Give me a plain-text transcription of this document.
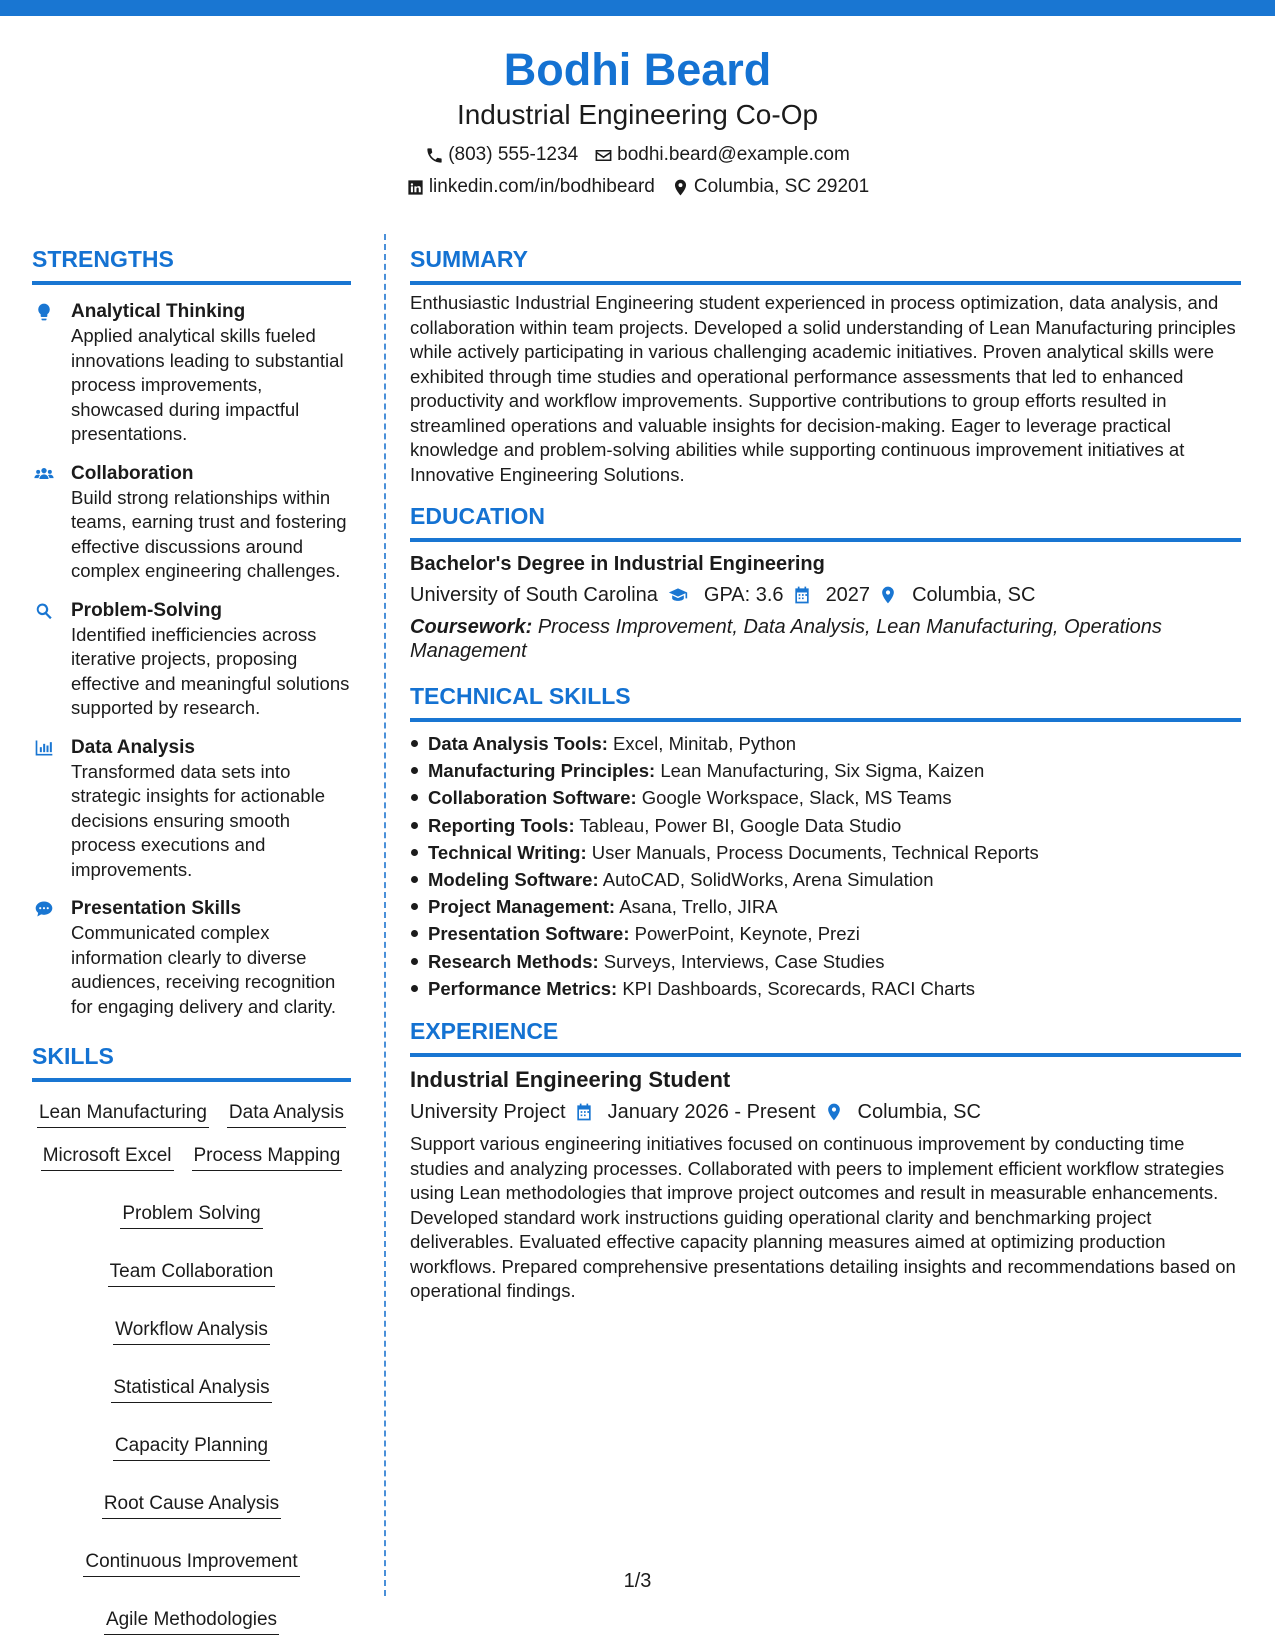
Bodhi Beard
Industrial Engineering Co-Op
(803) 555-1234 bodhi.beard@example.com
linkedin.com/in/bodhibeard Columbia, SC 29201
STRENGTHS
Analytical Thinking
Applied analytical skills fueled innovations leading to substantial process improvements, showcased during impactful presentations.
Collaboration
Build strong relationships within teams, earning trust and fostering effective discussions around complex engineering challenges.
Problem-Solving
Identified inefficiencies across iterative projects, proposing effective and meaningful solutions supported by research.
Data Analysis
Transformed data sets into strategic insights for actionable decisions ensuring smooth process executions and improvements.
Presentation Skills
Communicated complex information clearly to diverse audiences, receiving recognition for engaging delivery and clarity.
SKILLS
Lean Manufacturing Data Analysis
Microsoft Excel Process Mapping
Problem Solving
Team Collaboration
Workflow Analysis
Statistical Analysis
Capacity Planning
Root Cause Analysis
Continuous Improvement
Agile Methodologies
SUMMARY

Enthusiastic Industrial Engineering student experienced in process optimization, data analysis, and collaboration within team projects. Developed a solid understanding of Lean Manufacturing principles while actively participating in various challenging academic initiatives. Proven analytical skills were exhibited through time studies and operational performance assessments that led to enhanced productivity and workflow improvements. Supportive contributions to group efforts resulted in streamlined operations and valuable insights for decision-making. Eager to leverage practical knowledge and problem-solving abilities while supporting continuous improvement initiatives at Innovative Engineering Solutions.

EDUCATION
Bachelor's Degree in Industrial Engineering
University of South Carolina GPA: 3.6 2027 Columbia, SC
Coursework: Process Improvement, Data Analysis, Lean Manufacturing, Operations Management
TECHNICAL SKILLS
Data Analysis Tools: Excel, Minitab, Python
Manufacturing Principles: Lean Manufacturing, Six Sigma, Kaizen
Collaboration Software: Google Workspace, Slack, MS Teams
Reporting Tools: Tableau, Power BI, Google Data Studio
Technical Writing: User Manuals, Process Documents, Technical Reports
Modeling Software: AutoCAD, SolidWorks, Arena Simulation
Project Management: Asana, Trello, JIRA
Presentation Software: PowerPoint, Keynote, Prezi
Research Methods: Surveys, Interviews, Case Studies
Performance Metrics: KPI Dashboards, Scorecards, RACI Charts
EXPERIENCE
Industrial Engineering Student
University Project January 2026 - Present Columbia, SC

Support various engineering initiatives focused on continuous improvement by conducting time studies and analyzing processes. Collaborated with peers to implement efficient workflow strategies using Lean methodologies that improve project outcomes and result in measurable enhancements. Developed standard work instructions guiding operational clarity and benchmarking project deliverables. Evaluated effective capacity planning measures aimed at optimizing production workflows. Prepared comprehensive presentations detailing insights and recommendations based on operational findings.

1/3
